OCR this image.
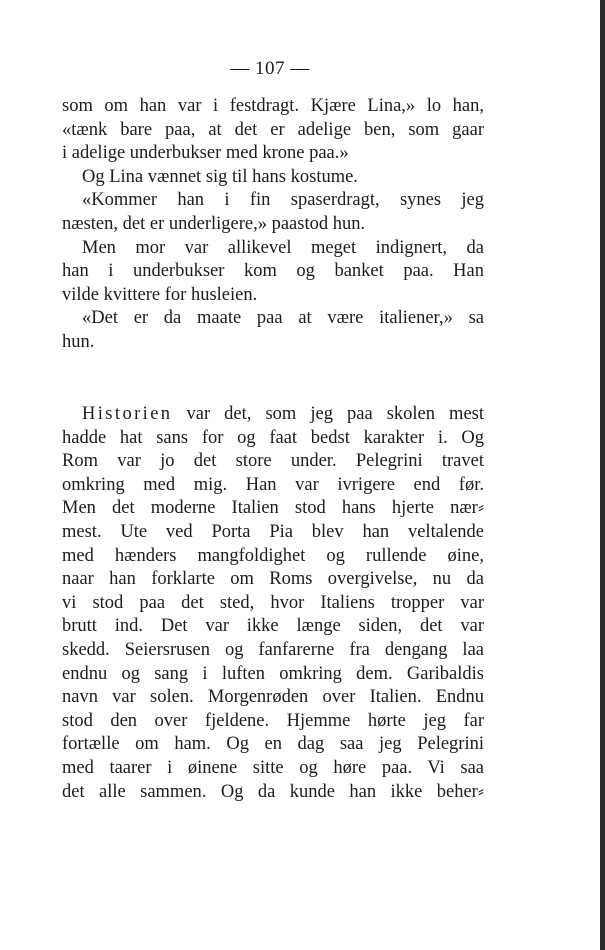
— 107 —
som om han var i festdragt. Kjære Lina,» lo han,
«tænk bare paa, at det er adelige ben, som gaar
i adelige underbukser med krone paa.»
Og Lina vænnet sig til hans kostume.
«Kommer han i fin spaserdragt, synes jeg
næsten, det er underligere,» paastod hun.
Men mor var allikevel meget indignert, da
han i underbukser kom og banket paa. Han
vilde kvittere for husleien.
«Det er da maate paa at være italiener,» sa
hun.
Historien var det, som jeg paa skolen mest
hadde hat sans for og faat bedst karakter i. Og
Rom var jo det store under. Pelegrini travet
omkring med mig. Han var ivrigere end før.
Men det moderne Italien stod hans hjerte nær⸗
mest. Ute ved Porta Pia blev han veltalende
med hænders mangfoldighet og rullende øine,
naar han forklarte om Roms overgivelse, nu da
vi stod paa det sted, hvor Italiens tropper var
brutt ind. Det var ikke længe siden, det var
skedd. Seiersrusen og fanfarerne fra dengang laa
endnu og sang i luften omkring dem. Garibaldis
navn var solen. Morgenrøden over Italien. Endnu
stod den over fjeldene. Hjemme hørte jeg far
fortælle om ham. Og en dag saa jeg Pelegrini
med taarer i øinene sitte og høre paa. Vi saa
det alle sammen. Og da kunde han ikke beher⸗
